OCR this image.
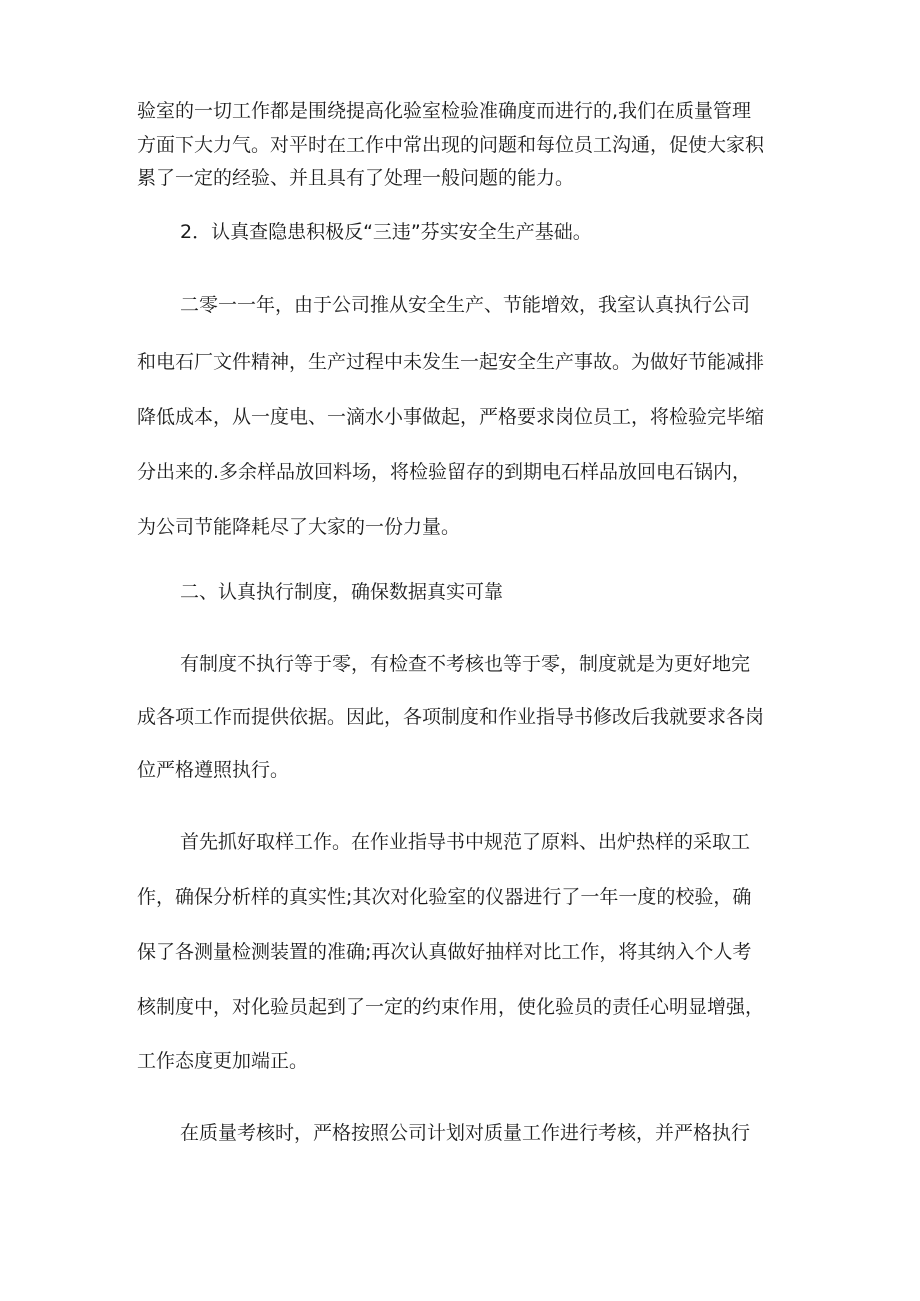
验室的一切工作都是围绕提高化验室检验准确度而进行的,我们在质量管理
方面下大力气。对平时在工作中常出现的问题和每位员工沟通，促使大家积
累了一定的经验、并且具有了处理一般问题的能力。
2．认真查隐患积极反“三违”芬实安全生产基础。
二零一一年，由于公司推从安全生产、节能增效，我室认真执行公司
和电石厂文件精神，生产过程中未发生一起安全生产事故。为做好节能减排
降低成本，从一度电、一滴水小事做起，严格要求岗位员工，将检验完毕缩
分出来的.多余样品放回料场，将检验留存的到期电石样品放回电石锅内，
为公司节能降耗尽了大家的一份力量。
二、认真执行制度，确保数据真实可靠
有制度不执行等于零，有检查不考核也等于零，制度就是为更好地完
成各项工作而提供依据。因此，各项制度和作业指导书修改后我就要求各岗
位严格遵照执行。
首先抓好取样工作。在作业指导书中规范了原料、出炉热样的采取工
作，确保分析样的真实性;其次对化验室的仪器进行了一年一度的校验，确
保了各测量检测装置的准确;再次认真做好抽样对比工作，将其纳入个人考
核制度中，对化验员起到了一定的约束作用，使化验员的责任心明显增强，
工作态度更加端正。
在质量考核时，严格按照公司计划对质量工作进行考核，并严格执行
